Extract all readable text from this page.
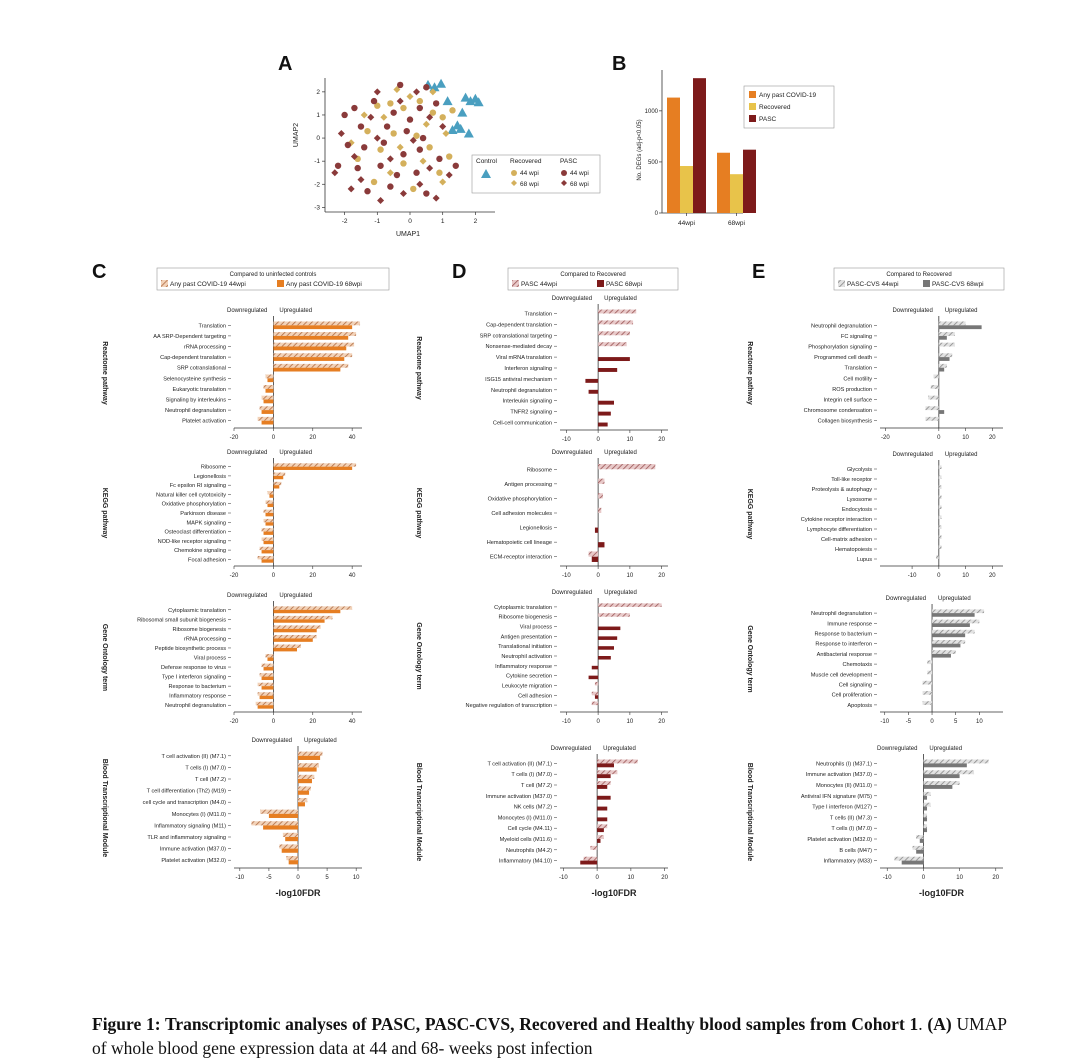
A
-2	-1	0	1	2
2
1
0
-1
-2
-3
UMAP1
UMAP2
Control Recovered	PASC
44 wpi
68 wpi
44 wpi
68 wpi
B
0
500
1000
44wpi	68wpi
No. DEGs (adj-p<0.05)
Any past COVID-19
Recovered
PASC
C	Compared to uninfected controls
Any past COVID-19 44wpi	Any past COVID-19 68wpi
Downregulated Upregulated
-20	0	20	40
Reactome pathway
Translation
AA SRP-Dependent targeting
rRNA processing
Cap-dependent translation
SRP cotranslational
Selenocysteine synthesis
Eukaryotic translation
Signaling by interleukins
Neutrophil degranulation
Platelet activation
Downregulated Upregulated
-20	0	20	40
KEGG pathway
Ribosome
Legionellosis
Fc epsilon RI signaling
Natural killer cell cytotoxicity
Oxidative phosphorylation
Parkinson disease
MAPK signaling
Osteoclast differentiation
NOD-like receptor signaling
Chemokine signaling
Focal adhesion
Downregulated Upregulated
-20	0	20	40
Gene Ontology term
Cytoplasmic translation
Ribosomal small subunit biogenesis
Ribosome biogenesis
rRNA processing
Peptide biosynthetic process
Viral process
Defense response to virus
Type I interferon signaling
Response to bacterium
Inflammatory response
Neutrophil degranulation
Downregulated Upregulated
-10	-5	0	5	10
Blood Transcriptional Module
T cell activation (II) (M7.1)
T cells (I) (M7.0)
T cell (M7.2)
T cell differentiation (Th2) (M19)
cell cycle and transcription (M4.0)
Monocytes (I) (M11.0)
Inflammatory signaling (M11)
TLR and inflammatory signaling
Immune activation (M37.0)
Platelet activation (M32.0)
-log10FDR
D	Compared to Recovered
PASC 44wpi	PASC 68wpi
Downregulated Upregulated
-10	0	10	20
Reactome pathway
Translation
Cap-dependent translation
SRP cotranslational targeting
Nonsense-mediated decay
Viral mRNA translation
Interferon signaling
ISG15 antiviral mechanism
Neutrophil degranulation
Interleukin signaling
TNFR2 signaling
Cell-cell communication
Downregulated Upregulated
-10	0	10	20
KEGG pathway
Ribosome
Antigen processing
Oxidative phosphorylation
Cell adhesion molecules
Legionellosis
Hematopoietic cell lineage
ECM-receptor interaction
Downregulated Upregulated
-10	0	10	20
Gene Ontology term
Cytoplasmic translation
Ribosome biogenesis
Viral process
Antigen presentation
Translational initiation
Neutrophil activation
Inflammatory response
Cytokine secretion
Leukocyte migration
Cell adhesion
Negative regulation of transcription
Downregulated Upregulated
-10	0	10	20
Blood Transcriptional Module	T cell activation (II) (M7.1)
T cells (I) (M7.0)
T cell (M7.2)
Immune activation (M37.0)
NK cells (M7.2)
Monocytes (I) (M11.0)
Cell cycle (M4.11)
Myeloid cells (M11.6)
Neutrophils (M4.2)
Inflammatory (M4.10)
-log10FDR
E	Compared to Recovered
PASC-CVS 44wpi	PASC-CVS 68wpi
Downregulated Upregulated
-20	0	10	20
Reactome pathway
Neutrophil degranulation
FC signaling
Phosphorylation signaling
Programmed cell death
Translation
Cell motility
ROS production
Integrin cell surface
Chromosome condensation
Collagen biosynthesis
Downregulated Upregulated
-10	0	10	20
KEGG pathway
Glycolysis
Toll-like receptor
Proteolysis & autophagy
Lysosome
Endocytosis
Cytokine receptor interaction
Lymphocyte differentiation
Cell-matrix adhesion
Hematopoiesis
Lupus
Downregulated Upregulated
-10	-5	0	5	10
Gene Ontology term
Neutrophil degranulation
Immune response
Response to bacterium
Response to interferon
Antibacterial response
Chemotaxis
Muscle cell development
Cell signaling
Cell proliferation
Apoptosis
Downregulated Upregulated
-10	0	10	20
Blood Transcriptional Module	Neutrophils (I) (M37.1)
Immune activation (M37.0)
Monocytes (II) (M11.0)
Antiviral IFN signature (M75)
Type I interferon (M127)
T cells (II) (M7.3)
T cells (I) (M7.0)
Platelet activation (M32.0)
B cells (M47)
Inflammatory (M33)
-log10FDR
Figure 1: Transcriptomic analyses of PASC, PASC-CVS, Recovered and Healthy blood samples from Cohort 1. (A) UMAP of whole blood gene expression data at 44 and 68- weeks post infection
